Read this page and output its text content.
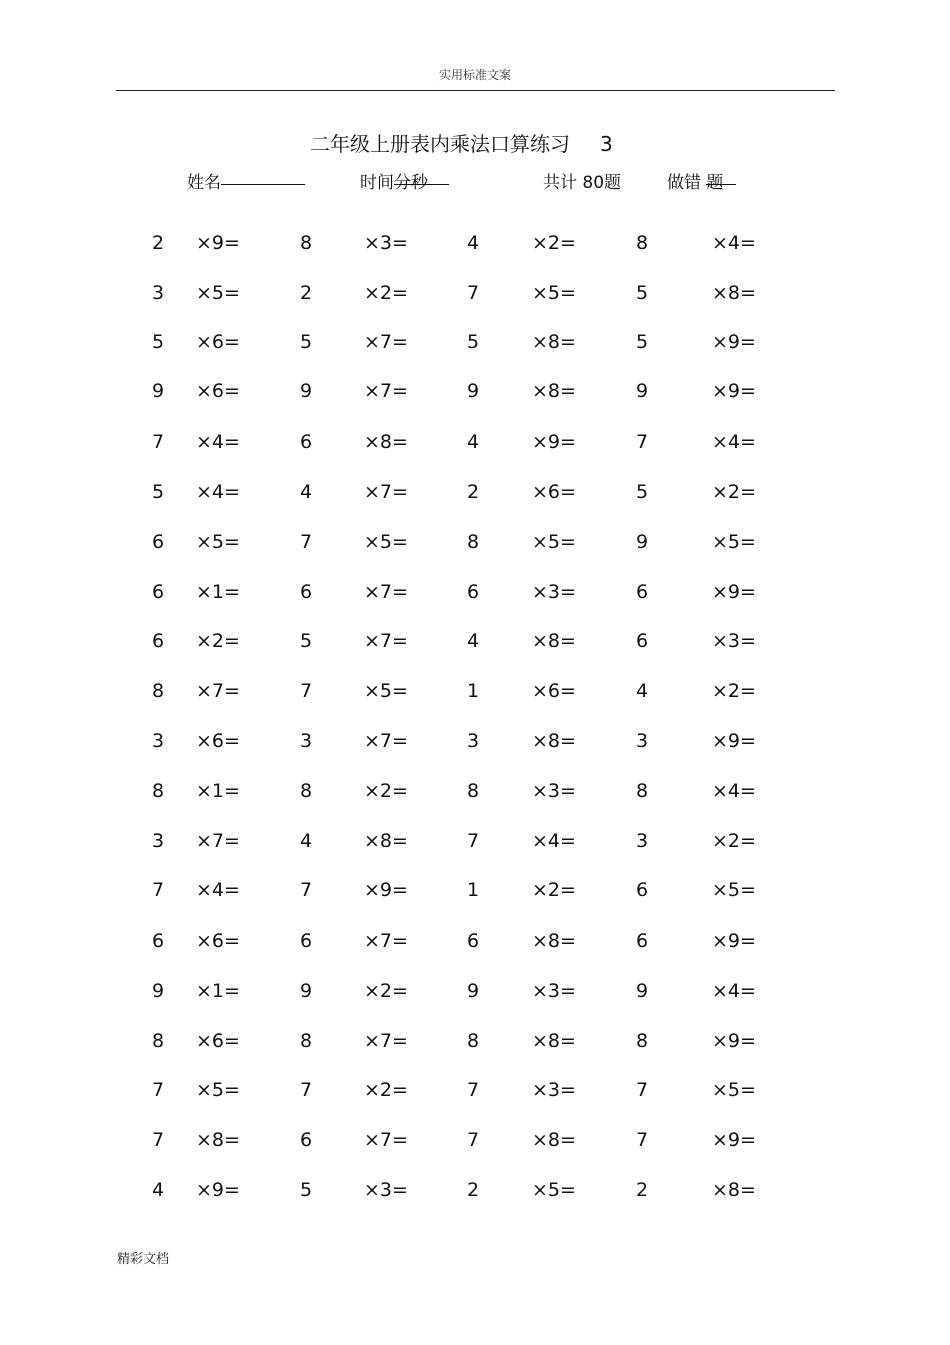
实用标准文案
二年级上册表内乘法口算练习 3
姓名	时间
分
秒	共计 80题	做错 题
2 ×9=	8	×3=	4	×2=	8	×4=
3 ×5=	2	×2=	7	×5=	5	×8=
5 ×6=	5	×7=	5	×8=	5	×9=
9 ×6=	9	×7=	9	×8=	9	×9=
7 ×4=	6	×8=	4	×9=	7	×4=
5 ×4=	4	×7=	2	×6=	5	×2=
6 ×5=	7	×5=	8	×5=	9	×5=
6 ×1=	6	×7=	6	×3=	6	×9=
6 ×2=	5	×7=	4	×8=	6	×3=
8 ×7=	7	×5=	1	×6=	4	×2=
3 ×6=	3	×7=	3	×8=	3	×9=
8 ×1=	8	×2=	8	×3=	8	×4=
3 ×7=	4	×8=	7	×4=	3	×2=
7 ×4=	7	×9=	1	×2=	6	×5=
6 ×6=	6	×7=	6	×8=	6	×9=
9 ×1=	9	×2=	9	×3=	9	×4=
8 ×6=	8	×7=	8	×8=	8	×9=
7 ×5=	7	×2=	7	×3=	7	×5=
7 ×8=	6	×7=	7	×8=	7	×9=
4 ×9=	5	×3=	2	×5=	2	×8=
精彩文档
